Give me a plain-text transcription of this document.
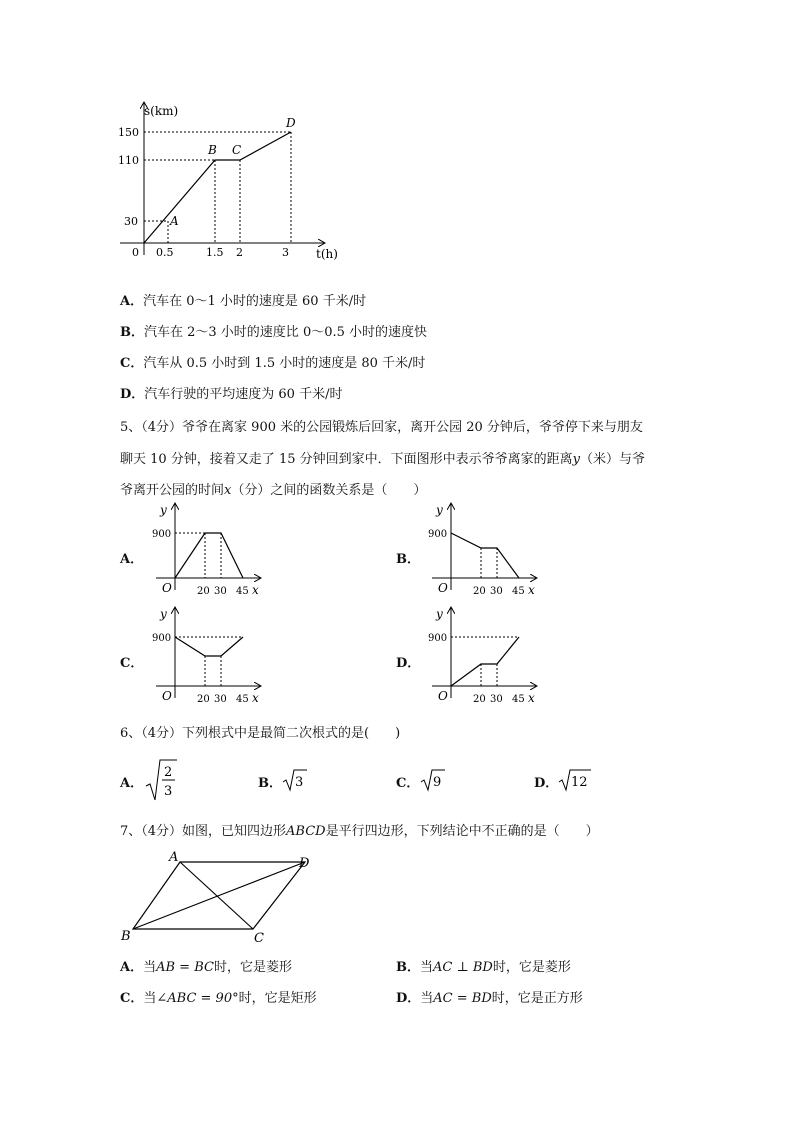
s(km)
t(h)
0
150
110
30
0.5	1.5 2	3
A
B C
D
A．汽车在 0～1 小时的速度是 60 千米/时
B．汽车在 2～3 小时的速度比 0～0.5 小时的速度快
C．汽车从 0.5 小时到 1.5 小时的速度是 80 千米/时
D．汽车行驶的平均速度为 60 千米/时
5、（4分）爷爷在离家 900 米的公园锻炼后回家，离开公园 20 分钟后，爷爷停下来与朋友
聊天 10 分钟，接着又走了 15 分钟回到家中．下面图形中表示爷爷离家的距离y（米）与爷
爷离开公园的时间x（分）之间的函数关系是（　　）
A．	B．
C．	D．
y
900
O	20 30 45 x
y
900
O	20 30 45 x
y
900
O	20 30 45 x
y
900
O	20 30 45 x
6、（4分）下列根式中是最简二次根式的是(　　)
A．
2
3
B． 3	C． 9	D． 12
7、（4分）如图，已知四边形ABCD是平行四边形，下列结论中不正确的是（　　）
A
B	C
D
A．当AB = BC时，它是菱形	B．当AC ⊥ BD时，它是菱形
C．当∠ABC = 90°时，它是矩形	D．当AC = BD时，它是正方形
